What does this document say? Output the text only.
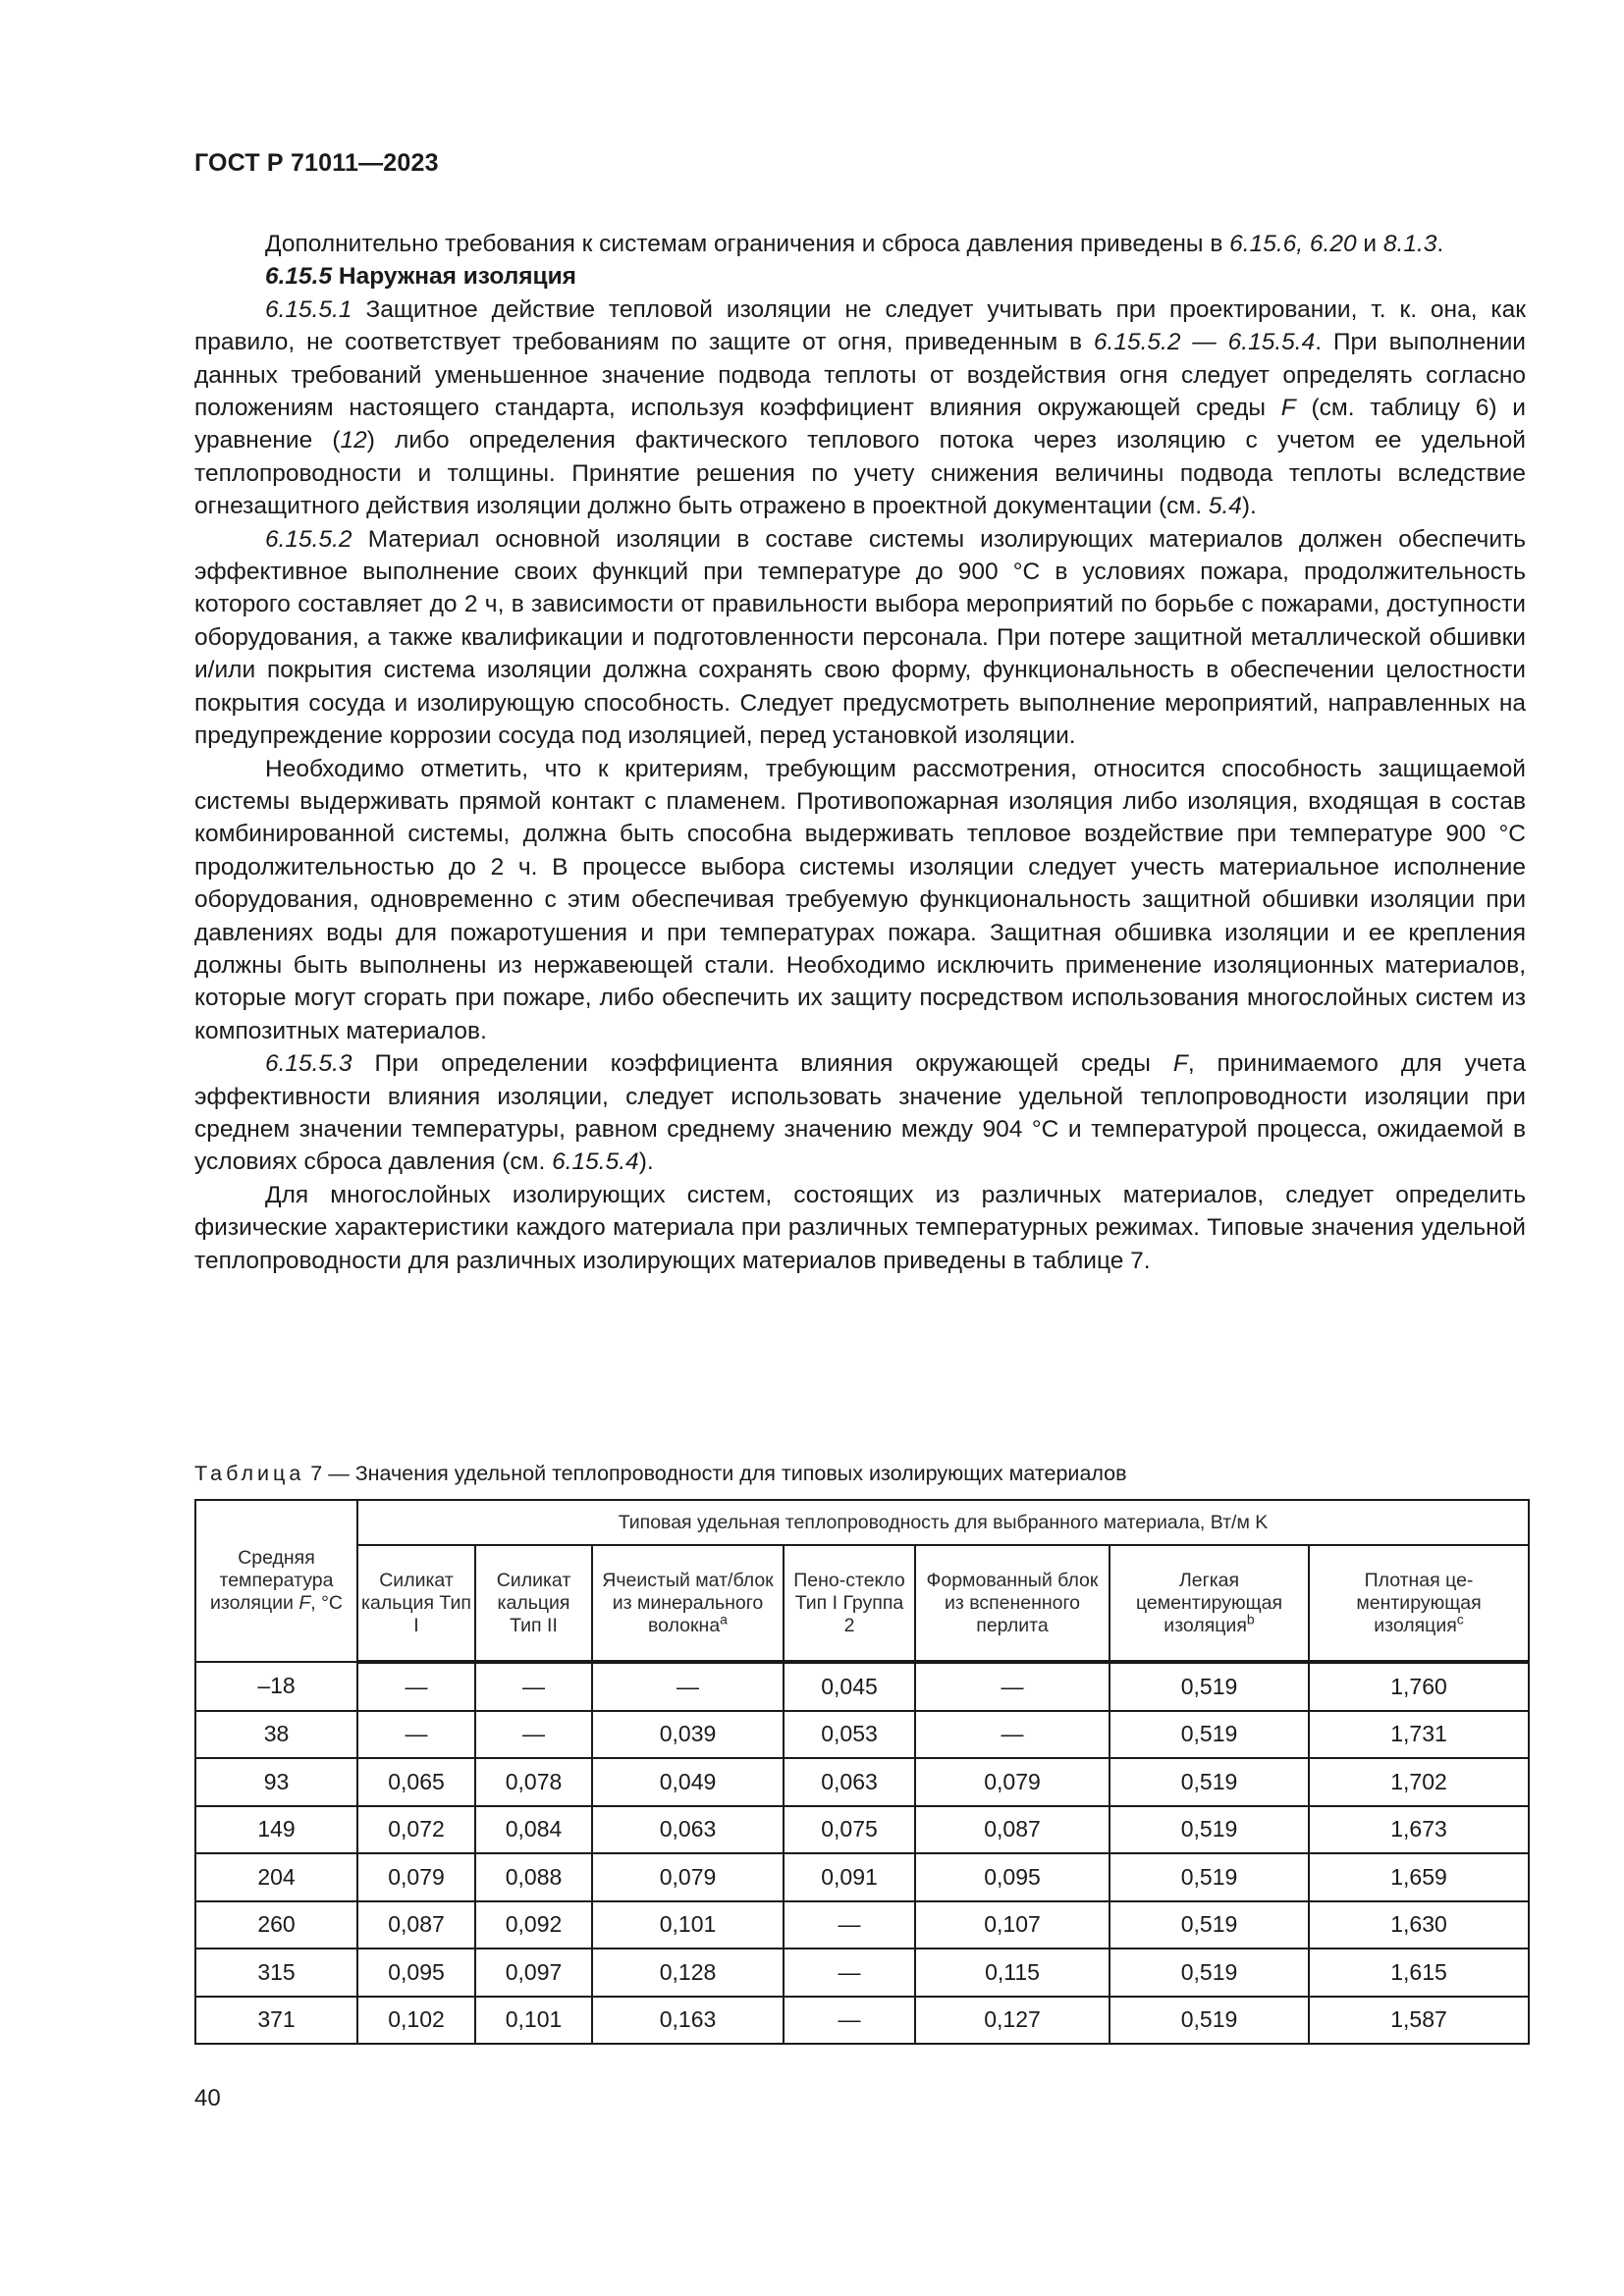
ГОСТ Р 71011—2023

Дополнительно требования к системам ограничения и сброса давления приведены в 6.15.6, 6.20 и 8.1.3.

6.15.5 Наружная изоляция

6.15.5.1 Защитное действие тепловой изоляции не следует учитывать при проектировании, т. к. она, как правило, не соответствует требованиям по защите от огня, приведенным в 6.15.5.2 — 6.15.5.4. При выполнении данных требований уменьшенное значение подвода теплоты от воздействия огня следует определять согласно положениям настоящего стандарта, используя коэффициент влияния окружающей среды F (см. таблицу 6) и уравнение (12) либо определения фактического теплового потока через изоляцию с учетом ее удельной теплопроводности и толщины. Принятие решения по учету снижения величины подвода теплоты вследствие огнезащитного действия изоляции должно быть отражено в проектной документации (см. 5.4).

6.15.5.2 Материал основной изоляции в составе системы изолирующих материалов должен обеспечить эффективное выполнение своих функций при температуре до 900 °С в условиях пожара, продолжительность которого составляет до 2 ч, в зависимости от правильности выбора мероприятий по борьбе с пожарами, доступности оборудования, а также квалификации и подготовленности персонала. При потере защитной металлической обшивки и/или покрытия система изоляции должна сохранять свою форму, функциональность в обеспечении целостности покрытия сосуда и изолирующую способность. Следует предусмотреть выполнение мероприятий, направленных на предупреждение коррозии сосуда под изоляцией, перед установкой изоляции.

Необходимо отметить, что к критериям, требующим рассмотрения, относится способность защищаемой системы выдерживать прямой контакт с пламенем. Противопожарная изоляция либо изоляция, входящая в состав комбинированной системы, должна быть способна выдерживать тепловое воздействие при температуре 900 °С продолжительностью до 2 ч. В процессе выбора системы изоляции следует учесть материальное исполнение оборудования, одновременно с этим обеспечивая требуемую функциональность защитной обшивки изоляции при давлениях воды для пожаротушения и при температурах пожара. Защитная обшивка изоляции и ее крепления должны быть выполнены из нержавеющей стали. Необходимо исключить применение изоляционных материалов, которые могут сгорать при пожаре, либо обеспечить их защиту посредством использования многослойных систем из композитных материалов.

6.15.5.3 При определении коэффициента влияния окружающей среды F, принимаемого для учета эффективности влияния изоляции, следует использовать значение удельной теплопроводности изоляции при среднем значении температуры, равном среднему значению между 904 °С и температурой процесса, ожидаемой в условиях сброса давления (см. 6.15.5.4).

Для многослойных изолирующих систем, состоящих из различных материалов, следует определить физические характеристики каждого материала при различных температурных режимах. Типовые значения удельной теплопроводности для различных изолирующих материалов приведены в таблице 7.

Таблица 7 — Значения удельной теплопроводности для типовых изолирующих материалов
Средняя температура изоляции F, °С	Типовая удельная теплопроводность для выбранного материала, Вт/м K						
	Силикат кальция Тип I	Силикат кальция Тип II	Ячеистый мат/блок из минерального волокна$^a$	Пено-стекло Тип I Группа 2	Формованный блок из вспененного перлита	Легкая цементирующая изоляция$^b$	Плотная це-ментирующая изоляция$^c$
–18	—	—	—	0,045	—	0,519	1,760
38	—	—	0,039	0,053	—	0,519	1,731
93	0,065	0,078	0,049	0,063	0,079	0,519	1,702
149	0,072	0,084	0,063	0,075	0,087	0,519	1,673
204	0,079	0,088	0,079	0,091	0,095	0,519	1,659
260	0,087	0,092	0,101	—	0,107	0,519	1,630
315	0,095	0,097	0,128	—	0,115	0,519	1,615
371	0,102	0,101	0,163	—	0,127	0,519	1,587
40
